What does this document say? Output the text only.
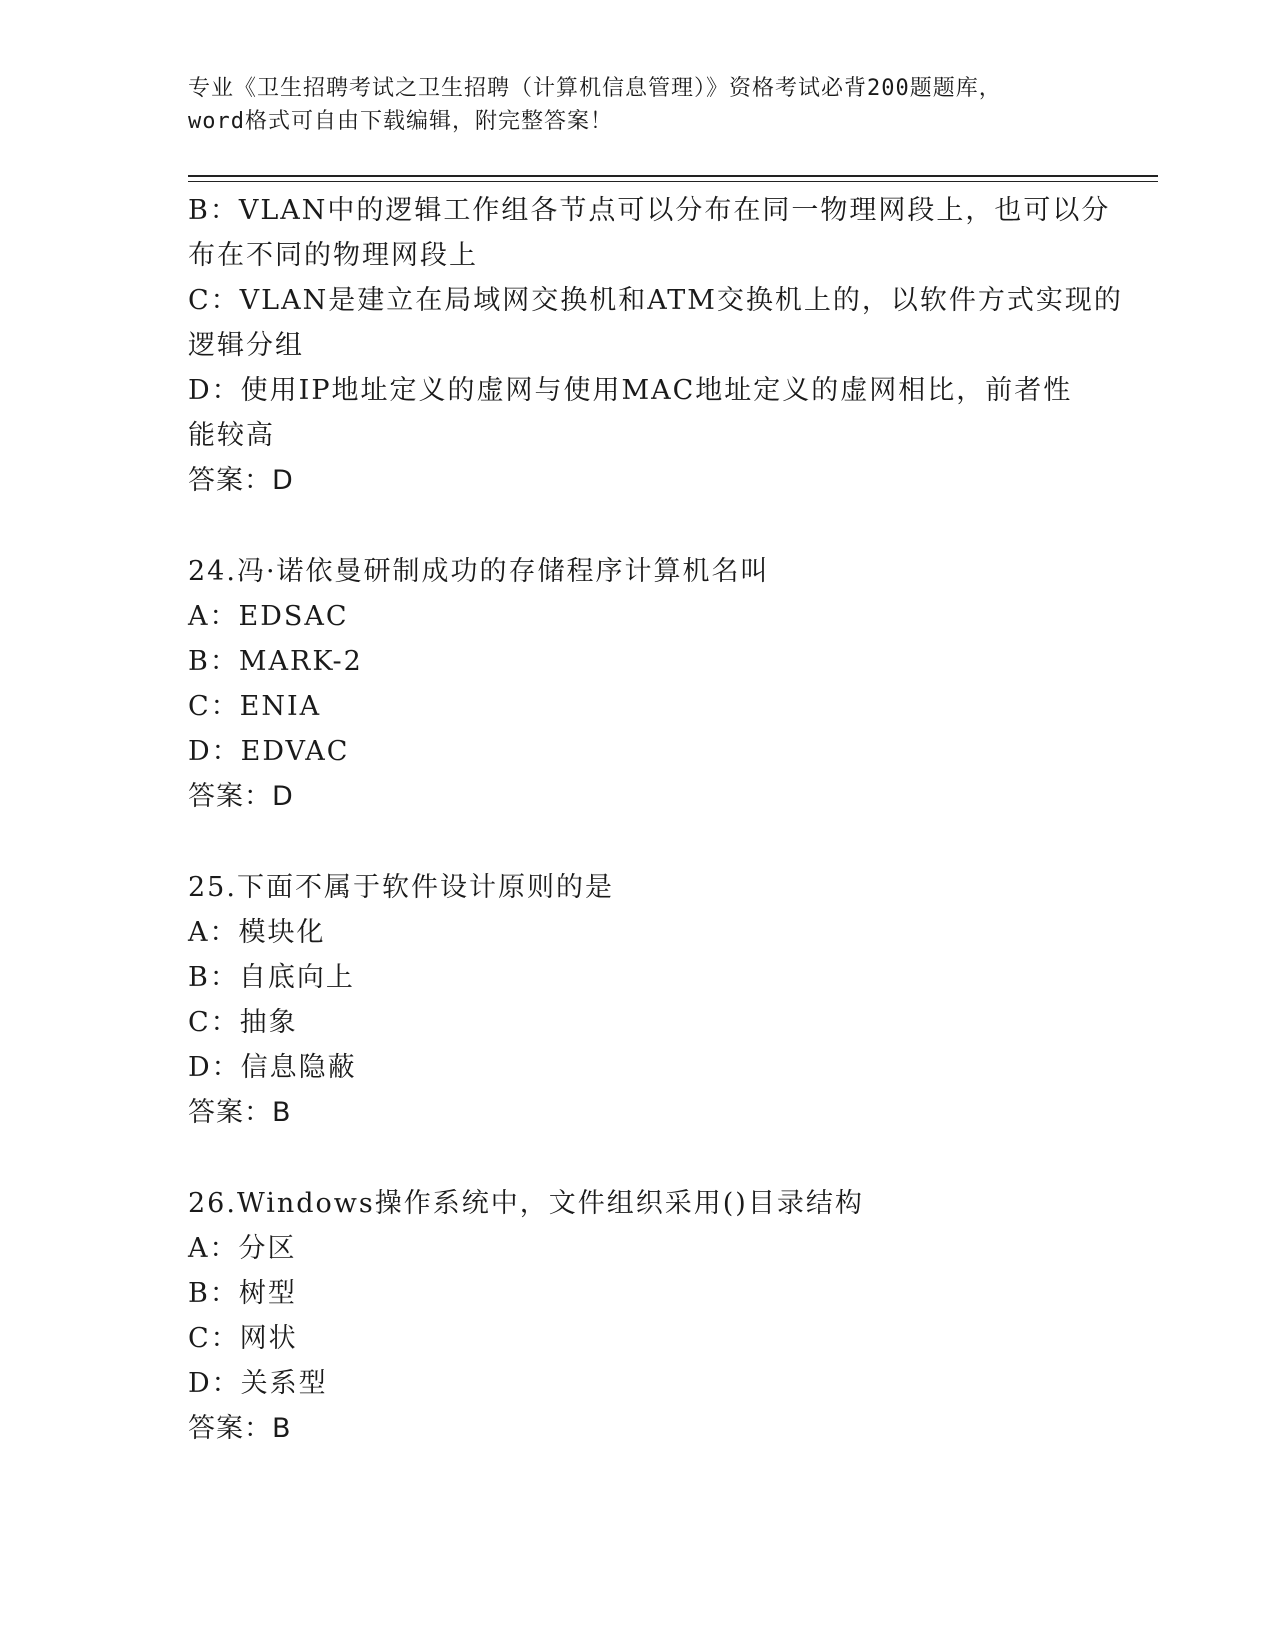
专业《卫生招聘考试之卫生招聘（计算机信息管理）》资格考试必背200题题库，
word格式可自由下载编辑，附完整答案！
B：VLAN中的逻辑工作组各节点可以分布在同一物理网段上，也可以分
布在不同的物理网段上
C：VLAN是建立在局域网交换机和ATM交换机上的，以软件方式实现的
逻辑分组
D：使用IP地址定义的虚网与使用MAC地址定义的虚网相比，前者性
能较高
答案：D
24.冯·诺依曼研制成功的存储程序计算机名叫
A：EDSAC
B：MARK-2
C：ENIA
D：EDVAC
答案：D
25.下面不属于软件设计原则的是
A：模块化
B：自底向上
C：抽象
D：信息隐蔽
答案：B
26.Windows操作系统中，文件组织采用()目录结构
A：分区
B：树型
C：网状
D：关系型
答案：B
